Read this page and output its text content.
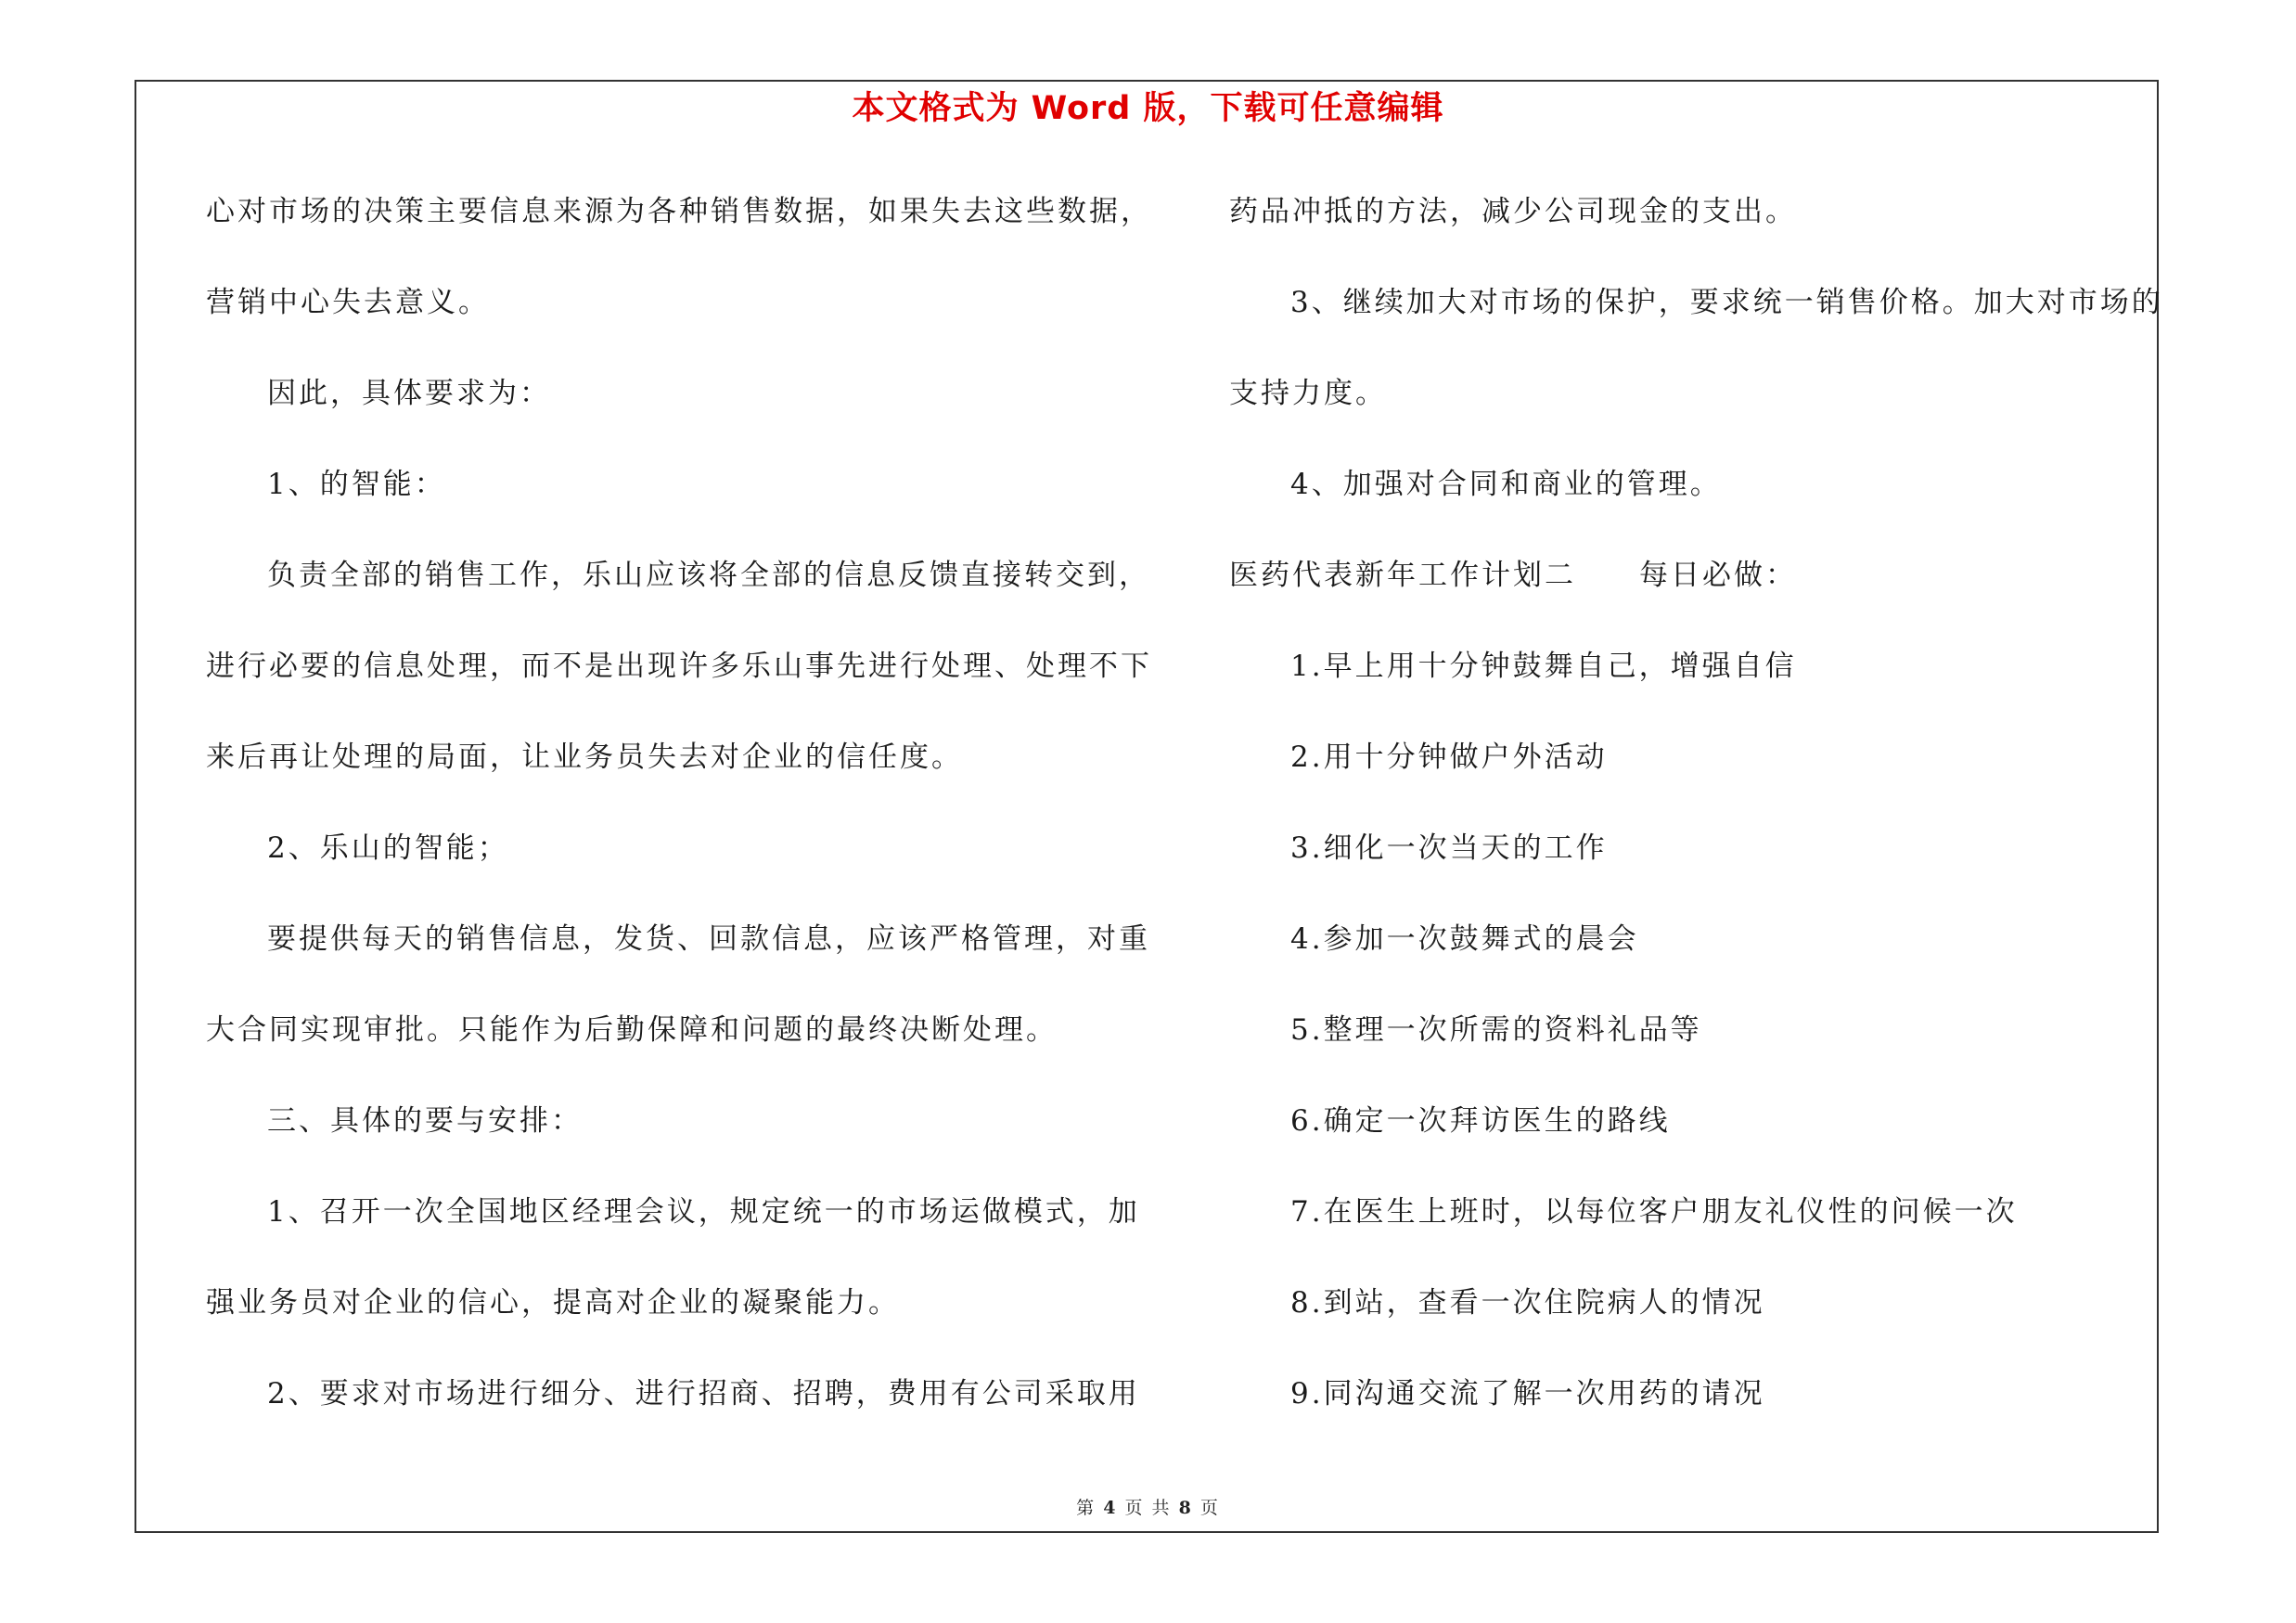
本文格式为 Word 版，下载可任意编辑
心对市场的决策主要信息来源为各种销售数据，如果失去这些数据，
营销中心失去意义。
因此，具体要求为：
1、的智能：
负责全部的销售工作，乐山应该将全部的信息反馈直接转交到，
进行必要的信息处理，而不是出现许多乐山事先进行处理、处理不下
来后再让处理的局面，让业务员失去对企业的信任度。
2、乐山的智能；
要提供每天的销售信息，发货、回款信息，应该严格管理，对重
大合同实现审批。只能作为后勤保障和问题的最终决断处理。
三、具体的要与安排：
1、召开一次全国地区经理会议，规定统一的市场运做模式，加
强业务员对企业的信心，提高对企业的凝聚能力。
2、要求对市场进行细分、进行招商、招聘，费用有公司采取用
药品冲抵的方法，减少公司现金的支出。
3、继续加大对市场的保护，要求统一销售价格。加大对市场的
支持力度。
4、加强对合同和商业的管理。
医药代表新年工作计划二　　每日必做：
1.早上用十分钟鼓舞自己，增强自信
2.用十分钟做户外活动
3.细化一次当天的工作
4.参加一次鼓舞式的晨会
5.整理一次所需的资料礼品等
6.确定一次拜访医生的路线
7.在医生上班时，以每位客户朋友礼仪性的问候一次
8.到站，查看一次住院病人的情况
9.同沟通交流了解一次用药的请况
第 4 页 共 8 页
